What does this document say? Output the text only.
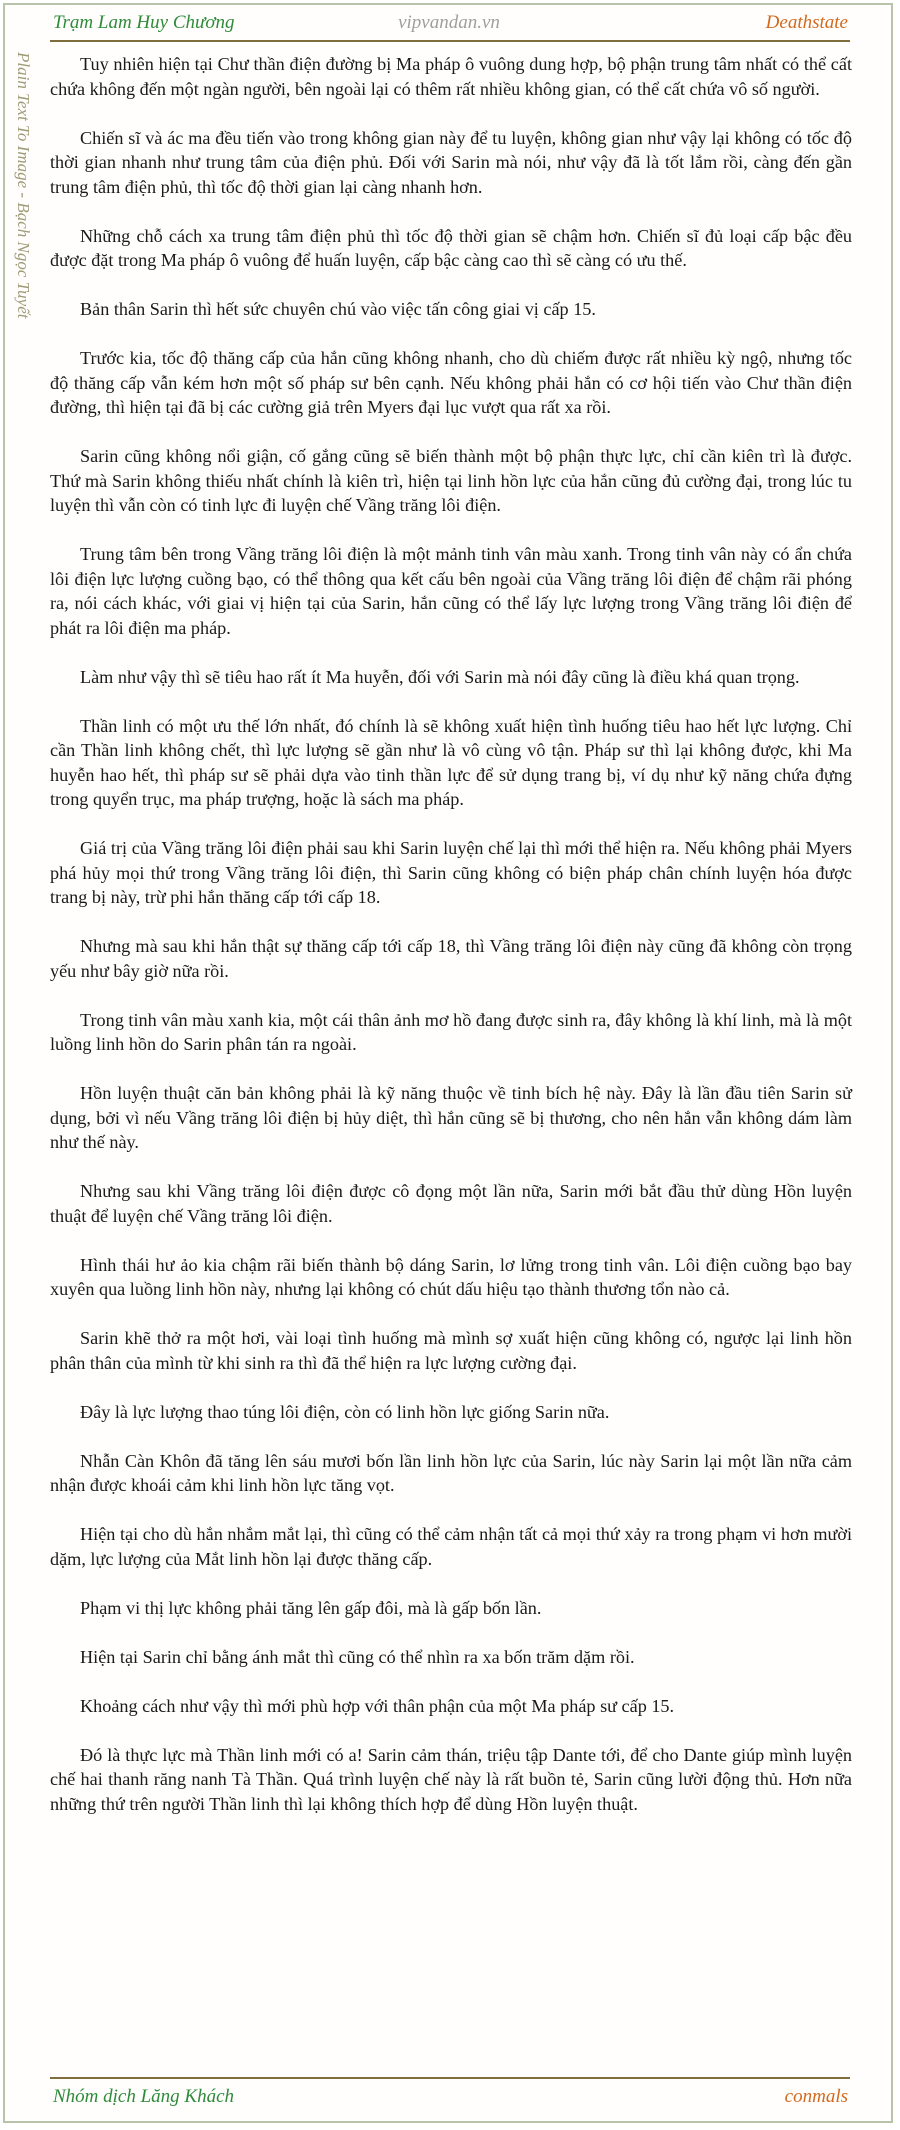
Trạm Lam Huy Chương	vipvandan.vn	Deathstate
Plain Text To Image - Bạch Ngọc Tuyết	Tuy nhiên hiện tại Chư thần điện đường bị Ma pháp ô vuông dung hợp, bộ phận trung tâm nhất có thể cất chứa không đến một ngàn người, bên ngoài lại có thêm rất nhiều không gian, có thể cất chứa vô số người.

Chiến sĩ và ác ma đều tiến vào trong không gian này để tu luyện, không gian như vậy lại không có tốc độ thời gian nhanh như trung tâm của điện phủ. Đối với Sarin mà nói, như vậy đã là tốt lắm rồi, càng đến gần trung tâm điện phủ, thì tốc độ thời gian lại càng nhanh hơn.

Những chỗ cách xa trung tâm điện phủ thì tốc độ thời gian sẽ chậm hơn. Chiến sĩ đủ loại cấp bậc đều được đặt trong Ma pháp ô vuông để huấn luyện, cấp bậc càng cao thì sẽ càng có ưu thế.

Bản thân Sarin thì hết sức chuyên chú vào việc tấn công giai vị cấp 15.

Trước kia, tốc độ thăng cấp của hắn cũng không nhanh, cho dù chiếm được rất nhiều kỳ ngộ, nhưng tốc độ thăng cấp vẫn kém hơn một số pháp sư bên cạnh. Nếu không phải hắn có cơ hội tiến vào Chư thần điện đường, thì hiện tại đã bị các cường giả trên Myers đại lục vượt qua rất xa rồi.

Sarin cũng không nổi giận, cố gắng cũng sẽ biến thành một bộ phận thực lực, chỉ cần kiên trì là được. Thứ mà Sarin không thiếu nhất chính là kiên trì, hiện tại linh hồn lực của hắn cũng đủ cường đại, trong lúc tu luyện thì vẫn còn có tinh lực đi luyện chế Vầng trăng lôi điện.

Trung tâm bên trong Vầng trăng lôi điện là một mảnh tinh vân màu xanh. Trong tinh vân này có ẩn chứa lôi điện lực lượng cuồng bạo, có thể thông qua kết cấu bên ngoài của Vầng trăng lôi điện để chậm rãi phóng ra, nói cách khác, với giai vị hiện tại của Sarin, hắn cũng có thể lấy lực lượng trong Vầng trăng lôi điện để phát ra lôi điện ma pháp.

Làm như vậy thì sẽ tiêu hao rất ít Ma huyễn, đối với Sarin mà nói đây cũng là điều khá quan trọng.

Thần linh có một ưu thế lớn nhất, đó chính là sẽ không xuất hiện tình huống tiêu hao hết lực lượng. Chỉ cần Thần linh không chết, thì lực lượng sẽ gần như là vô cùng vô tận. Pháp sư thì lại không được, khi Ma huyễn hao hết, thì pháp sư sẽ phải dựa vào tinh thần lực để sử dụng trang bị, ví dụ như kỹ năng chứa đựng trong quyển trục, ma pháp trượng, hoặc là sách ma pháp.

Giá trị của Vầng trăng lôi điện phải sau khi Sarin luyện chế lại thì mới thể hiện ra. Nếu không phải Myers phá hủy mọi thứ trong Vầng trăng lôi điện, thì Sarin cũng không có biện pháp chân chính luyện hóa được trang bị này, trừ phi hắn thăng cấp tới cấp 18.

Nhưng mà sau khi hắn thật sự thăng cấp tới cấp 18, thì Vầng trăng lôi điện này cũng đã không còn trọng yếu như bây giờ nữa rồi.

Trong tinh vân màu xanh kia, một cái thân ảnh mơ hồ đang được sinh ra, đây không là khí linh, mà là một luồng linh hồn do Sarin phân tán ra ngoài.

Hồn luyện thuật căn bản không phải là kỹ năng thuộc về tinh bích hệ này. Đây là lần đầu tiên Sarin sử dụng, bởi vì nếu Vầng trăng lôi điện bị hủy diệt, thì hắn cũng sẽ bị thương, cho nên hắn vẫn không dám làm như thế này.

Nhưng sau khi Vầng trăng lôi điện được cô đọng một lần nữa, Sarin mới bắt đầu thử dùng Hồn luyện thuật để luyện chế Vầng trăng lôi điện.

Hình thái hư ảo kia chậm rãi biến thành bộ dáng Sarin, lơ lửng trong tinh vân. Lôi điện cuồng bạo bay xuyên qua luồng linh hồn này, nhưng lại không có chút dấu hiệu tạo thành thương tổn nào cả.

Sarin khẽ thở ra một hơi, vài loại tình huống mà mình sợ xuất hiện cũng không có, ngược lại linh hồn phân thân của mình từ khi sinh ra thì đã thể hiện ra lực lượng cường đại.

Đây là lực lượng thao túng lôi điện, còn có linh hồn lực giống Sarin nữa.

Nhẫn Càn Khôn đã tăng lên sáu mươi bốn lần linh hồn lực của Sarin, lúc này Sarin lại một lần nữa cảm nhận được khoái cảm khi linh hồn lực tăng vọt.

Hiện tại cho dù hắn nhắm mắt lại, thì cũng có thể cảm nhận tất cả mọi thứ xảy ra trong phạm vi hơn mười dặm, lực lượng của Mắt linh hồn lại được thăng cấp.

Phạm vi thị lực không phải tăng lên gấp đôi, mà là gấp bốn lần.

Hiện tại Sarin chỉ bằng ánh mắt thì cũng có thể nhìn ra xa bốn trăm dặm rồi.

Khoảng cách như vậy thì mới phù hợp với thân phận của một Ma pháp sư cấp 15.

Đó là thực lực mà Thần linh mới có a! Sarin cảm thán, triệu tập Dante tới, để cho Dante giúp mình luyện chế hai thanh răng nanh Tà Thần. Quá trình luyện chế này là rất buồn tẻ, Sarin cũng lười động thủ. Hơn nữa những thứ trên người Thần linh thì lại không thích hợp để dùng Hồn luyện thuật.

Nhóm dịch Lăng Khách	conmals
